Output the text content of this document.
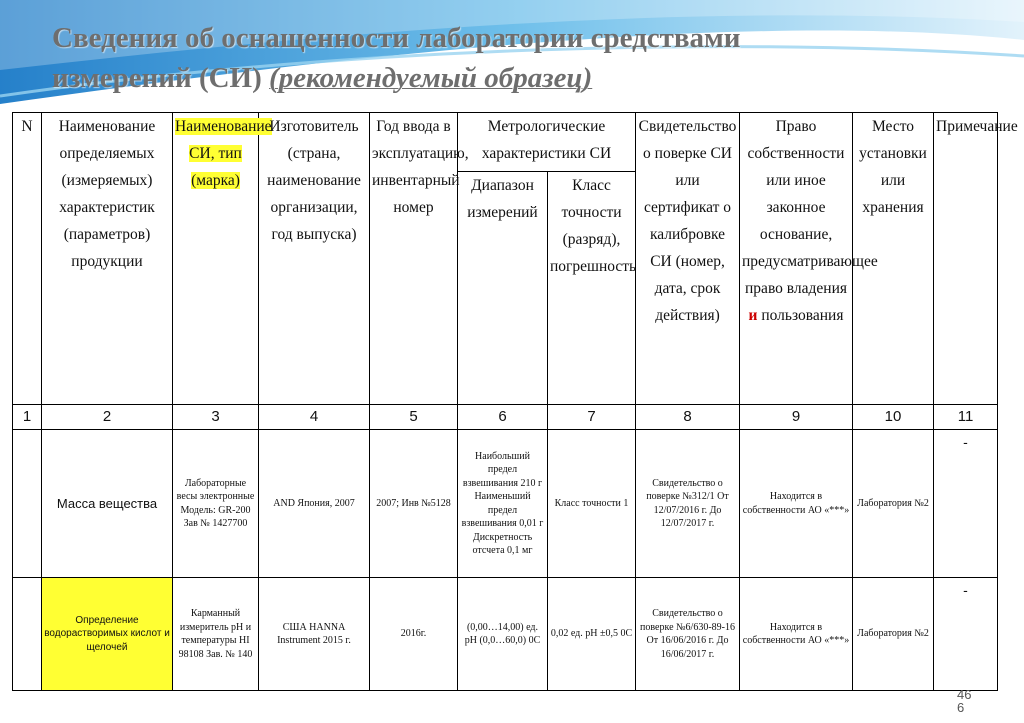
Сведения об оснащенности лаборатории средствами
измерений (СИ) (рекомендуемый образец)
N	Наименование определяемых (измеряемых) характеристик (параметров) продукции	Наименование СИ, тип (марка)	Изготовитель (страна, наименование организации, год выпуска)	Год ввода в эксплуатацию, инвентарный номер	Метрологические характеристики СИ		Свидетельство о поверке СИ или сертификат о калибровке СИ (номер, дата, срок действия)	Право собственности или иное законное основание, предусматривающее право владения и пользования	Место установки или хранения	Примечание
					Диапазон измерений	Класс точности (разряд), погрешность				
1	2	3	4	5	6	7	8	9	10	11
	Масса вещества	Лабораторные весы электронные Модель: GR-200 Зав № 1427700	AND Япония, 2007	2007; Инв №5128	Наибольший предел взвешивания 210 г Наименьший предел взвешивания 0,01 г Дискретность отсчета 0,1 мг	Класс точности 1	Свидетельство о поверке №312/1 От 12/07/2016 г. До 12/07/2017 г.	Находится в собственности АО «***»	Лаборатория №2	-
	Определение водорастворимых кислот и щелочей	Карманный измеритель pH и температуры HI 98108 Зав. № 140	США HANNA Instrument 2015 г.	2016г.	(0,00…14,00) ед. pH (0,0…60,0) 0С	0,02 ед. pH ±0,5 0С	Свидетельство о поверке №6/630-89-16 От 16/06/2016 г. До 16/06/2017 г.	Находится в собственности АО «***»	Лаборатория №2	-
46
6
